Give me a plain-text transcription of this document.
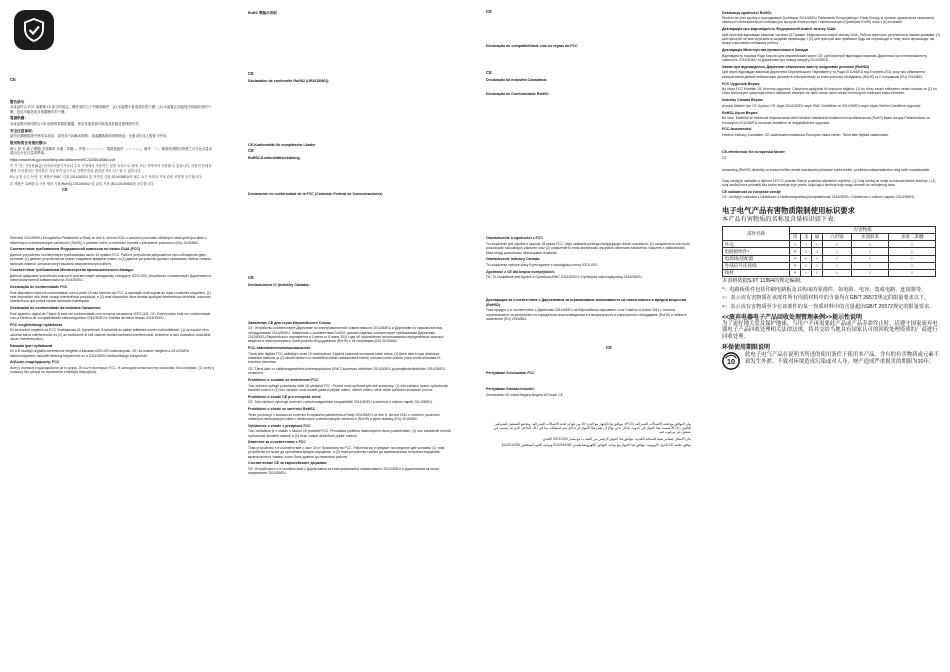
CE
警告語句

本產品符合 FCC 規範第 15 部分的規定。操作須符合下列兩項條件：(1) 本裝置不會造成有害干擾；(2) 本裝置必須接受任何接收到的干擾，包括可能造成非預期操作的干擾。

電源供應：

本產品僅可使用符合 CE 規格的電源供應器，使用其他電源可能造成危險並使保固失效。

安全注意事項：

請勿於潮濕環境中使用本產品；請勿自行拆解或維修；請遠離熱源與易燃物品；兒童須在成人監督下使用。

限用物質含有情況標示：

單元 鉛 汞 鎘 六價鉻 多溴聯苯 多溴二苯醚 — 外殼 ○ ○ ○ ○ ○ ○；電路板組件 - ○ ○ ○ ○ ○。備考：「○」係指該項限用物質之百分比含量未超出百分比含量基準值。

https://www.bsmi.gov.tw/wSite/public/Attachment/f1232356185862.pdf

이 기기는 가정용(B급) 전자파적합기기로서 주로 가정에서 사용하는 것을 목적으로 하며, 모든 지역에서 사용할 수 있습니다. 사용자 안내문: 해당 무선설비는 전파혼신 가능성이 있으므로 인명안전과 관련된 서비스는 할 수 없습니다.

EU 규정 준수 선언: 본 제품은 EMC 지침 2014/30/EU 및 저전압 지침 2014/35/EU의 필수 요구 사항과 기타 관련 조항을 준수합니다.

본 제품은 유해물질 사용 제한 지침(RoHS) 2011/65/EU 및 위임 지침 (EU) 2015/863을 준수합니다.

CE

Directive 2011/65/EU Evropského Parlamentu a Rady ze dne 8. června 2011 o omezení používání některých nebezpečných látek v elektrických a elektronických zařízeních (RoHS), v platném znění, a směrnice Komise v přenesené pravomoci (EU) 2015/863.

Соответствие требованиям Федеральной комиссии по связи США (FCC)

Данное устройство соответствует требованиям части 15 правил FCC. Работа устройства допускается при соблюдении двух условий: (1) данное устройство не может создавать вредных помех, и (2) данное устройство должно принимать любые помехи, включая помехи, которые могут вызвать нежелательную работу.

Соответствие требованиям Министерства промышленности Канады

Данное цифровое устройство класса B соответствует канадскому стандарту ICES-003. Устройство соответствует Директиве по электромагнитной совместимости 2014/30/EU.

Declaração de conformidade FCC

Este dispositivo está em conformidade com a parte 15 das Normas da FCC. A operação está sujeita às duas condições seguintes: (1) este dispositivo não pode causar interferência prejudicial, e (2) este dispositivo deve aceitar qualquer interferência recebida, incluindo interferência que possa causar operação indesejada.

Declaração de conformidade da Indústria Canadense

Este aparelho digital de Classe B está em conformidade com a norma canadense ICES-003. CE: Este produto está em conformidade com a Diretiva de compatibilidade eletromagnética 2014/30/EU e Diretiva de baixa tensão 2014/35/EU.

FCC megfelelőségi nyilatkozat

Ez az eszköz megfelel az FCC Szabályzata 15. fejezetének. A készülék az alábbi feltételek esetén működtethető: (1) az eszköz nem okozhat káros interferenciát, és (2) az eszköznek el kell viselnie minden beérkező interferenciát, beleértve a nem kívánatos működést okozó interferenciát is.

Kanadai Ipari nyilatkozat

Ez a B osztályú digitális berendezés megfelel a kanadai ICES-003 szabványnak. CE: Az eszköz megfelel a 2014/30/EU elektromágneses összeférhetőségi irányelvnek és a 2014/35/EU kisfeszültségű irányelvnek.

Δήλωση συμμόρφωσης FCC

Αυτή η συσκευή συμμορφώνεται με το μέρος 15 των Κανονισμών FCC. Η λειτουργία υπόκειται στις ακόλουθες δύο συνθήκες: (1) αυτή η συσκευή δεν μπορεί να προκαλέσει επιβλαβή παρεμβολή.

RoHS 準拠の表明
CE
Déclaration de conformité RoHS2 (UE2015/863)
CE-Konformität für europäische Länder
CE
RoHS2-Konformitätserklärung
Declaración de conformidad de la FCC (Comisión Federal de Comunicaciones)
CE
Declaraciones IC (Industry Canada):
Заявление CE для стран Европейского Союза

CE: Устройство соответствует Директиве по электромагнитной совместимости 2014/30/EU и Директиве по низковольтному оборудованию 2014/35/EU. Заявление о соответствии RoHS2: данное изделие соответствует требованиям Директивы 2011/65/EU Европейского парламента и Совета от 8 июня 2011 года об ограничении использования определённых опасных веществ в электрическом и электронном оборудовании (RoHS) и её поправкам (EU) 2015/863.

FCC-säännöstenmukaisuuslausunto

Tämä laite täyttää FCC-sääntöjen osan 15 vaatimukset. Käyttöä koskevat seuraavat kaksi ehtoa: (1) tämä laite ei saa aiheuttaa haitallisia häiriöitä, ja (2) tämän laitteen on siedettävä kaikki vastaanotetut häiriöt, mukaan lukien häiriöt, jotka voivat aiheuttaa ei-toivottua toimintaa.

CE: Tämä laite on sähkömagneettista yhteensopivuutta (EMC) koskevan direktiivin 2014/30/EU ja pienjännitedirektiivin 2014/35/EU mukainen.

Prohlášení o souladu se směrnicemi FCC

Toto zařízení splňuje požadavky části 15 předpisů FCC. Provoz musí splňovat tyto dvě podmínky: (1) toto zařízení nesmí způsobovat škodlivé rušení a (2) toto zařízení musí snášet jakékoli přijaté rušení, včetně rušení, které může způsobit nežádoucí provoz.

Prohlášení o shodě CE pro evropské země

CE: Toto zařízení vyhovuje směrnici o elektromagnetické kompatibilitě 2014/30/EU a směrnici o nízkém napětí 2014/35/EU.

Prohlášení o shodě se směrnicí RoHS2

Tento produkt je v souladu se směrnicí Evropského parlamentu a Rady 2011/65/EU ze dne 8. června 2011 o omezení používání některých nebezpečných látek v elektrických a elektronických zařízeních (RoHS) a jejími dodatky (EU) 2015/863.

Vyhlásenie o zhode s predpismi FCC

Toto zariadenie je v súlade s časťou 15 pravidiel FCC. Prevádzka podlieha nasledujúcim dvom podmienkam: (1) toto zariadenie nesmie spôsobovať škodlivé rušenie a (2) musí znášať akékoľvek prijaté rušenie.

Известие за съответствие с FCC

Това устройство е в съответствие с част 15 от Правилата на FCC. Работата му е предмет на следните две условия: (1) това устройство не може да причинява вредни смущения, и (2) това устройство трябва да приема всички получени смущения, включително и такива, които биха довели до нежелана работа.

Съответствие CE за европейските държави

CE: Устройството е в съответствие с Директивата за електромагнитна съвместимост 2014/30/EU и Директивата за ниско напрежение 2014/35/EU.

CE
Declaração de compatibilidade com as regras da FCC
CE
Declaração da Indústria Canadiana:
Declaração de Conformidade RoHS2
Oświadczenie o zgodności z FCC

To urządzenie jest zgodne z częścią 15 zasad FCC. Jego działanie podlega następującym dwóm warunkom: (1) urządzenie to nie może powodować szkodliwych zakłóceń oraz (2) urządzenie to musi akceptować wszystkie odbierane zakłócenia, włącznie z zakłóceniami, które mogą powodować niepożądane działanie.

Oświadczenie Industry Canada:

To urządzenie cyfrowe klasy B jest zgodne z kanadyjską normą ICES-003.

Zgodność z CE dla krajów europejskich:

CE: To urządzenie jest zgodne z Dyrektywą EMC 2014/30/EU i Dyrektywą niskonapięciową 2014/35/EU.

Декларация за съответствие с Директивата за ограничаване използването на някои опасни и вредни вещества (RoHS2)

Този продукт е в съответствие с Директива 2011/65/EU на Европейския парламент и на Съвета от 8 юни 2011 г. относно ограничението за употребата на определени опасни вещества в електрическото и електронното оборудване (RoHS) и нейните изменения (EU) 2015/863.

CE
Pernyataan Kesesuaian FCC
Pernyataan Kanada Industri:

Kesesuaian CE untuk Negara-Negara di Eropa: CE

بيان التوافق مع لجنة الاتصالات الفيدرالية (FCC): يتوافق هذا الجهاز مع الجزء 15 من قواعد لجنة الاتصالات الفيدرالية. ويخضع التشغيل للشرطين التاليين: (1) ألا يتسبب هذا الجهاز في حدوث تداخل ضار، و(2) أن يقبل هذا الجهاز أي تداخل يتم استقباله، بما في ذلك التداخل الذي قد يتسبب في تشغيل غير مرغوب فيه.

بيان الامتثال لمعايير هيئة الصناعة الكندية: يتوافق هذا الجهاز الرقمي من الفئة ب مع معيار ICES-003 الكندي.

توافق علامة CE للدول الأوروبية: يتوافق هذا الجهاز مع توجيه التوافق الكهرومغناطيسي 2014/30/EU وتوجيه الجهد المنخفض 2014/35/EU.

Deklaracja zgodności RoHS2

Produkt ten jest zgodny z wymaganiami Dyrektywy 2011/65/EU Parlamentu Europejskiego i Rady Europy w sprawie ograniczenia stosowania niektórych niebezpiecznych substancji w sprzęcie elektrycznym i elektronicznym (Dyrektywa RoHS) wraz z jej zmianami.

Декларація про відповідність Федеральній комісії зв'язку США

Цей пристрій відповідає вимогам частини 15 Правил Федеральної комісії зв'язку США. Робота пристрою регулюється такими умовами: (1) цей пристрій не має спричиняти шкідливі перешкоди, і (2) цей пристрій має приймати будь-які перешкоди, в тому числі перешкоди, які можуть викликати небажану роботу.

Декларація Міністерства промисловості Канади

Відповідність нормам Ради Європи для європейських країн: CE: Цей пристрій відповідає вимогам Директиви про електромагнітну сумісність 2014/30/EU та Директиви про низьку напругу 2014/35/EU.

Заява про відповідність Директиві обмеження вмісту шкідливих речовин (RoHS2)

Цей виріб відповідає вимогам Директиви Європейського Парламенту та Ради 2011/65/EU від 8 червня 2011 року про обмеження використання деяких небезпечних речовин в електричному та електронному обладнанні (RoHS) та її поправкам (EU) 2015/863.

FCC Uygunluk Beyanı

Bu cihaz FCC Kuralları 15. Kısmına uygundur. Çalıştırma aşağıdaki iki koşuluna bağlıdır: (1) bu cihaz zararlı etkileşime neden olamaz ve (2) bu cihaz istenmeyen çalışmaya neden olabilecek etkileşim de dahil olmak üzere alınan herhangi bir etkileşimi kabul etmelidir.

Industry Canada Beyanı

Avrupa Ülkeleri İçin CE Uyumu: CE: Aygıt 2014/30/EU sayılı EMC Direktifine ve 2014/35/EU sayılı Alçak Gerilim Direktifine uygundur.

RoHS2 Uyum Beyanı

Bu ürün, Elektrikli ve elektronik ekipmanlarda belirli tehlikeli maddelerin kullanımının kısıtlanmasına (RoHS) ilişkin Avrupa Parlamentosu ve Konseyinin 2011/65/EU numaralı direktifine ve değişikliklerine uygundur.

FCC-lausunnoksi

Ilmoitus Industry Canadalle: CE-vaatimustenmukaisuus Euroopan maita varten. Tämä laite täyttää vaatimukset.

CE-efterlevnad för europeiska länder

CE

uimanding (RoHS2-direktiiv) on teatud ohtlike ainete kasutamise piiramise kohta elektri- ja elektroonikaseadmetes ning selle muudatustele.

Ovaj uređaj je usklađen s dijelom 15 FCC pravila. Rad je podložan sljedećim uvjetima: (1) Ovaj uređaj ne smije uzrokovati štetne smetnje, i (2) ovaj uređaj mora prihvatiti bilo kakve smetnje koje prima, uključujući smetnje koje mogu dovesti do neželjenog rada.

CE sukladnost za europske zemlje

CE: Uređaj je sukladan s Direktivom o elektromagnetskoj kompatibilnosti 2014/30/EU i Direktivom o niskom naponu 2014/35/EU.

电子电气产品有害物质限制使用标识要求
本产品有害物质的名称及含量标识如下表：
部件名称	有害物质					
	铅	汞	镉	六价铬	多溴联苯	多溴二苯醚
外壳	○	○	○	○	○	○
电路板组件*	×	○	○	○	○	○
电源线/适配器	×	○	○	○	○	○
外部信号连接线	×	○	○	○	○	○
线材	×	○	○	○	○	○

本表格依据SJ/T 11364的规定编制。

*：电路板组件包括印刷电路板及其构成的零部件，如电阻、电容、集成电路、连接器等。

○：表示该有害物质在该部件所有均质材料中的含量均在GB/T 26572规定的限量要求以下。

×：表示该有害物质至少在该部件的某一均质材料中的含量超出GB/T 26572规定的限量要求。

<<废弃电器电子产品回收处理管理条例>>提示性说明

为了更好地关爱及保护地球，当用户不再需要此产品或产品寿命终止时，请遵守国家废弃电器电子产品回收处理相关法律法规，将其交给当地具有国家认可的回收处理资质的厂商进行回收处理。

环保使用期限说明
10

此电子电气产品在说明书所述的使用条件下使用本产品，含有的有害物质或元素不致发生外泄，不致对环境造成污染或对人身、财产造成严重损害的期限为10年。
